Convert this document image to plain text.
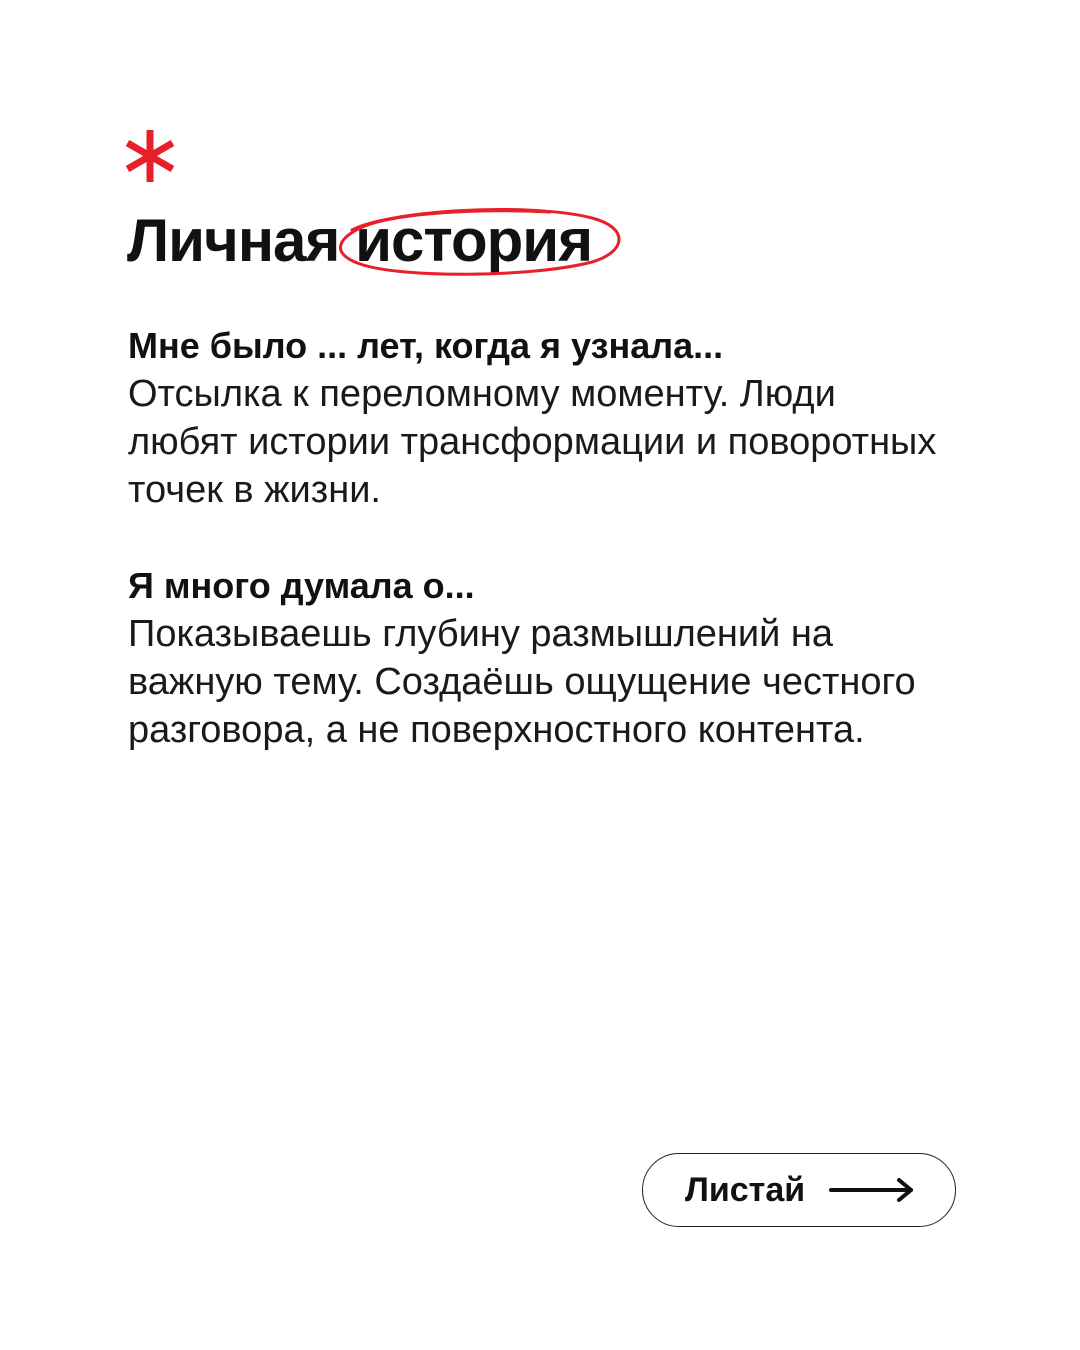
Личная история
Мне было ... лет, когда я узнала...

Отсылка к переломному моменту. Люди любят истории трансформации и поворотных точек в жизни.

Я много думала о...

Показываешь глубину размышлений на важную тему. Создаёшь ощущение честного разговора, а не поверхностного контента.

Листай
